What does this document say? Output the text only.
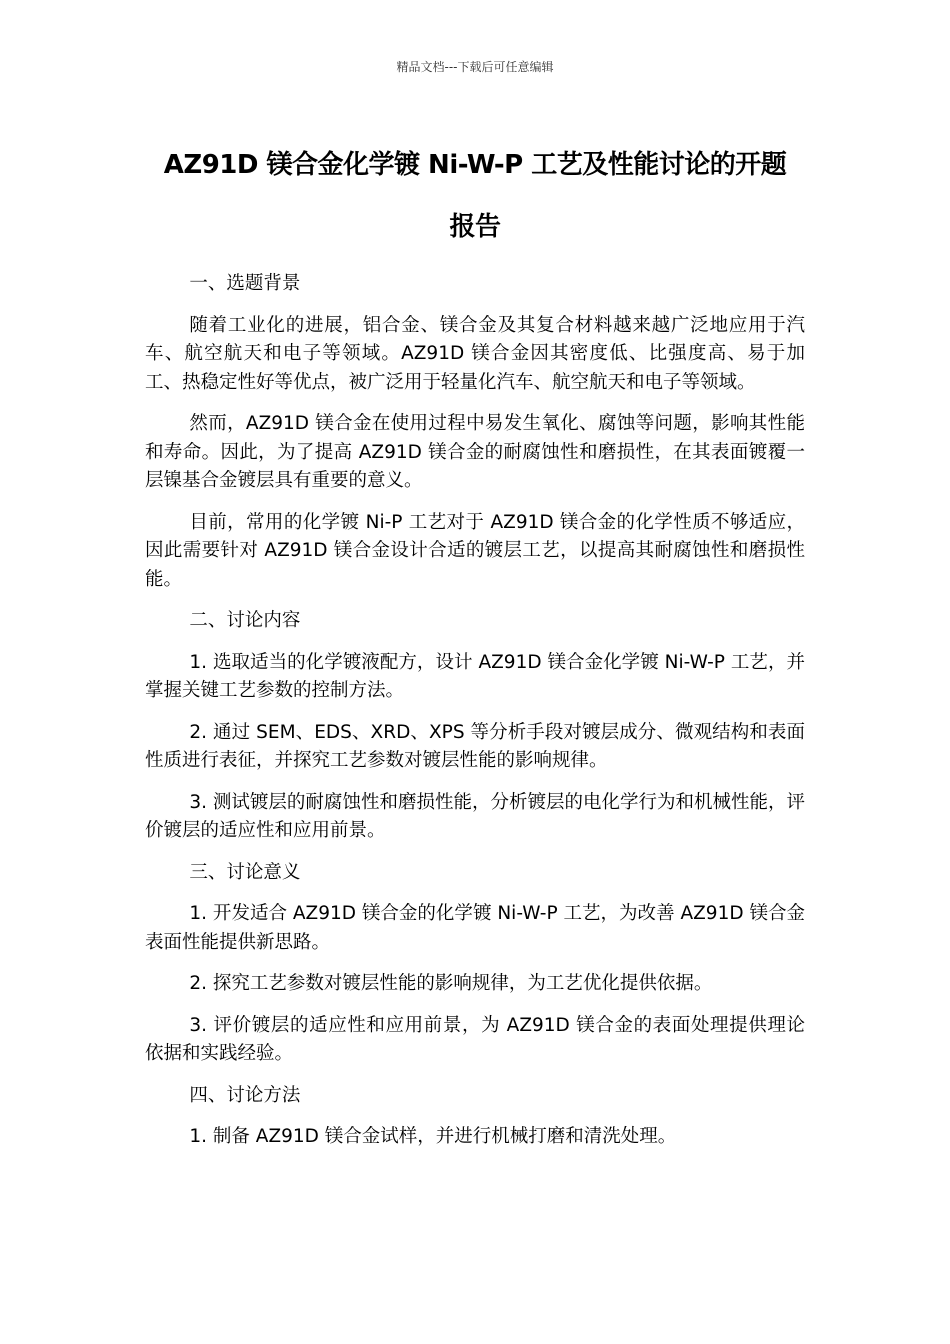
精品文档---下载后可任意编辑
AZ91D 镁合金化学镀 Ni-W-P 工艺及性能讨论的开题
报告

一、选题背景

随着工业化的进展，铝合金、镁合金及其复合材料越来越广泛地应用于汽车、航空航天和电子等领域。AZ91D 镁合金因其密度低、比强度高、易于加工、热稳定性好等优点，被广泛用于轻量化汽车、航空航天和电子等领域。

然而，AZ91D 镁合金在使用过程中易发生氧化、腐蚀等问题，影响其性能和寿命。因此，为了提高 AZ91D 镁合金的耐腐蚀性和磨损性，在其表面镀覆一层镍基合金镀层具有重要的意义。

目前，常用的化学镀 Ni-P 工艺对于 AZ91D 镁合金的化学性质不够适应，因此需要针对 AZ91D 镁合金设计合适的镀层工艺，以提高其耐腐蚀性和磨损性能。

二、讨论内容

1. 选取适当的化学镀液配方，设计 AZ91D 镁合金化学镀 Ni-W-P 工艺，并掌握关键工艺参数的控制方法。

2. 通过 SEM、EDS、XRD、XPS 等分析手段对镀层成分、微观结构和表面性质进行表征，并探究工艺参数对镀层性能的影响规律。

3. 测试镀层的耐腐蚀性和磨损性能，分析镀层的电化学行为和机械性能，评价镀层的适应性和应用前景。

三、讨论意义

1. 开发适合 AZ91D 镁合金的化学镀 Ni-W-P 工艺，为改善 AZ91D 镁合金表面性能提供新思路。

2. 探究工艺参数对镀层性能的影响规律，为工艺优化提供依据。

3. 评价镀层的适应性和应用前景，为 AZ91D 镁合金的表面处理提供理论依据和实践经验。

四、讨论方法

1. 制备 AZ91D 镁合金试样，并进行机械打磨和清洗处理。
